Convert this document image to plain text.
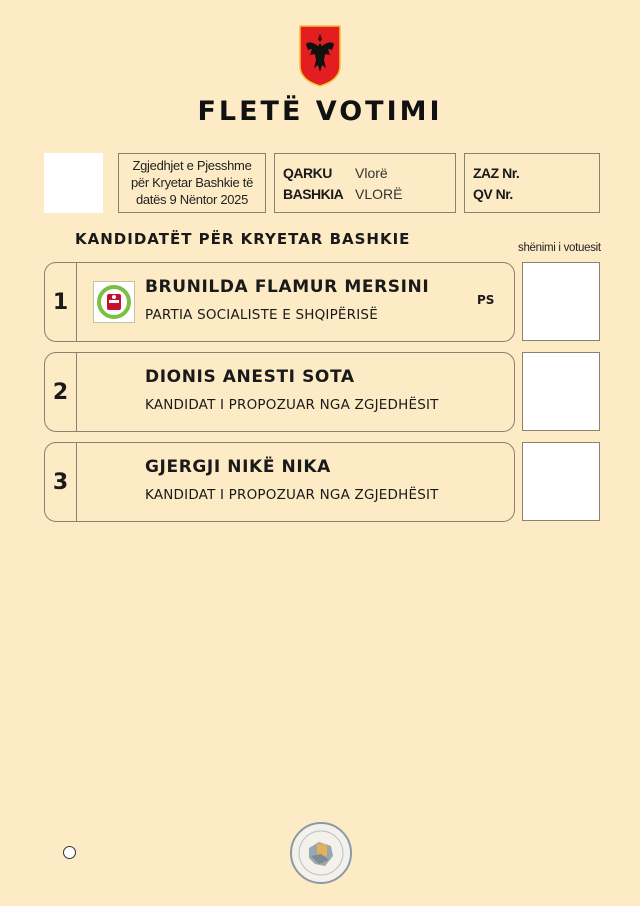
FLETË VOTIMI
Zgjedhjet e Pjesshme
për Kryetar Bashkie të
datës 9 Nëntor 2025
QARKU	Vlorë
BASHKIA VLORË
ZAZ Nr.
QV Nr.
KANDIDATËT PËR KRYETAR BASHKIE	shënimi i votuesit
1
BRUNILDA FLAMUR MERSINI
PARTIA SOCIALISTE E SHQIPËRISË
PS
2
DIONIS ANESTI SOTA
KANDIDAT I PROPOZUAR NGA ZGJEDHËSIT
3
GJERGJI NIKË NIKA
KANDIDAT I PROPOZUAR NGA ZGJEDHËSIT
